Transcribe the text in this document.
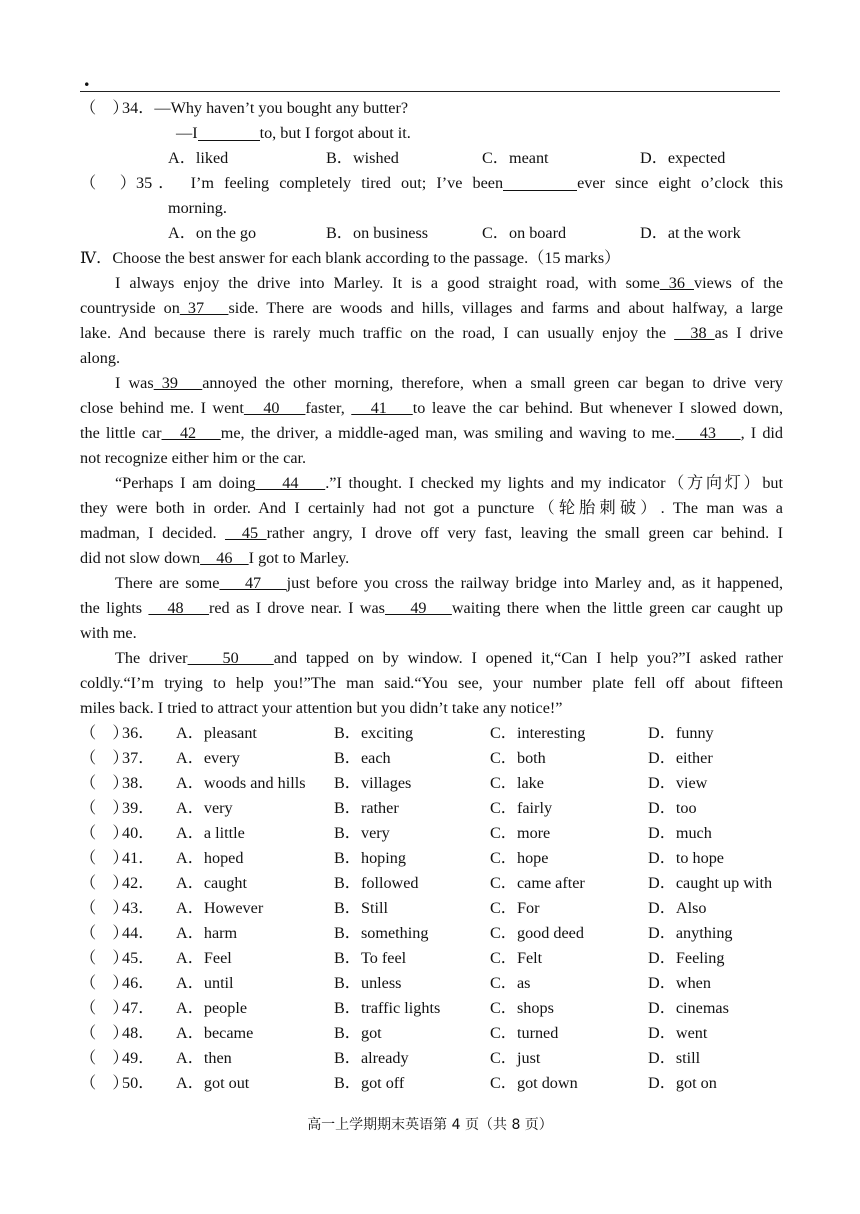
.
（　）34．—Why haven’t you bought any butter?
—I	to, but I forgot about it.
A．liked	B．wished	C．meant	D．expected
（　）35． I’m feeling completely tired out; I’ve been	ever since eight o’clock this
morning.
A．on the go	B．on business	C．on board	D．at the work
Ⅳ．Choose the best answer for each blank according to the passage.（15 marks）
I always enjoy the drive into Marley. It is a good straight road, with some 36 views of the
countryside on 37   side. There are woods and hills, villages and farms and about halfway, a large
lake. And because there is rarely much traffic on the road, I can usually enjoy the   38 as I drive
along.
I was 39   annoyed the other morning, therefore, when a small green car began to drive very
close behind me. I went   40    faster,    41    to leave the car behind. But whenever I slowed down,
the little car   42    me, the driver, a middle-aged man, was smiling and waving to me.    43    , I did
not recognize either him or the car.
“Perhaps I am doing    44    .”I thought. I checked my lights and my indicator（方向灯）but
they were both in order. And I certainly had not got a puncture（轮胎刺破）. The man was a
madman, I decided.   45 rather angry, I drove off very fast, leaving the small green car behind. I
did not slow down    46    I got to Marley.
There are some    47    just before you cross the railway bridge into Marley and, as it happened,
the lights    48    red as I drove near. I was    49    waiting there when the little green car caught up
with me.
The driver    50    and tapped on by window. I opened it,“Can I help you?”I asked rather
coldly.“I’m trying to help you!”The man said.“You see, your number plate fell off about fifteen
miles back. I tried to attract your attention but you didn’t take any notice!”
（　）36． A．pleasant	B．exciting	C．interesting	D．funny
（　）37． A．every	B．each	C．both	D．either
（　）38． A．woods and hills B．villages	C．lake	D．view
（　）39． A．very	B．rather	C．fairly	D．too
（　）40． A．a little	B．very	C．more	D．much
（　）41． A．hoped	B．hoping	C．hope	D．to hope
（　）42． A．caught	B．followed	C．came after	D．caught up with
（　）43． A．However	B．Still	C．For	D．Also
（　）44． A．harm	B．something	C．good deed	D．anything
（　）45． A．Feel	B．To feel	C．Felt	D．Feeling
（　）46． A．until	B．unless	C．as	D．when
（　）47． A．people	B．traffic lights	C．shops	D．cinemas
（　）48． A．became	B．got	C．turned	D．went
（　）49． A．then	B．already	C．just	D．still
（　）50． A．got out	B．got off	C．got down	D．got on
高一上学期期末英语第 4 页（共 8 页）
